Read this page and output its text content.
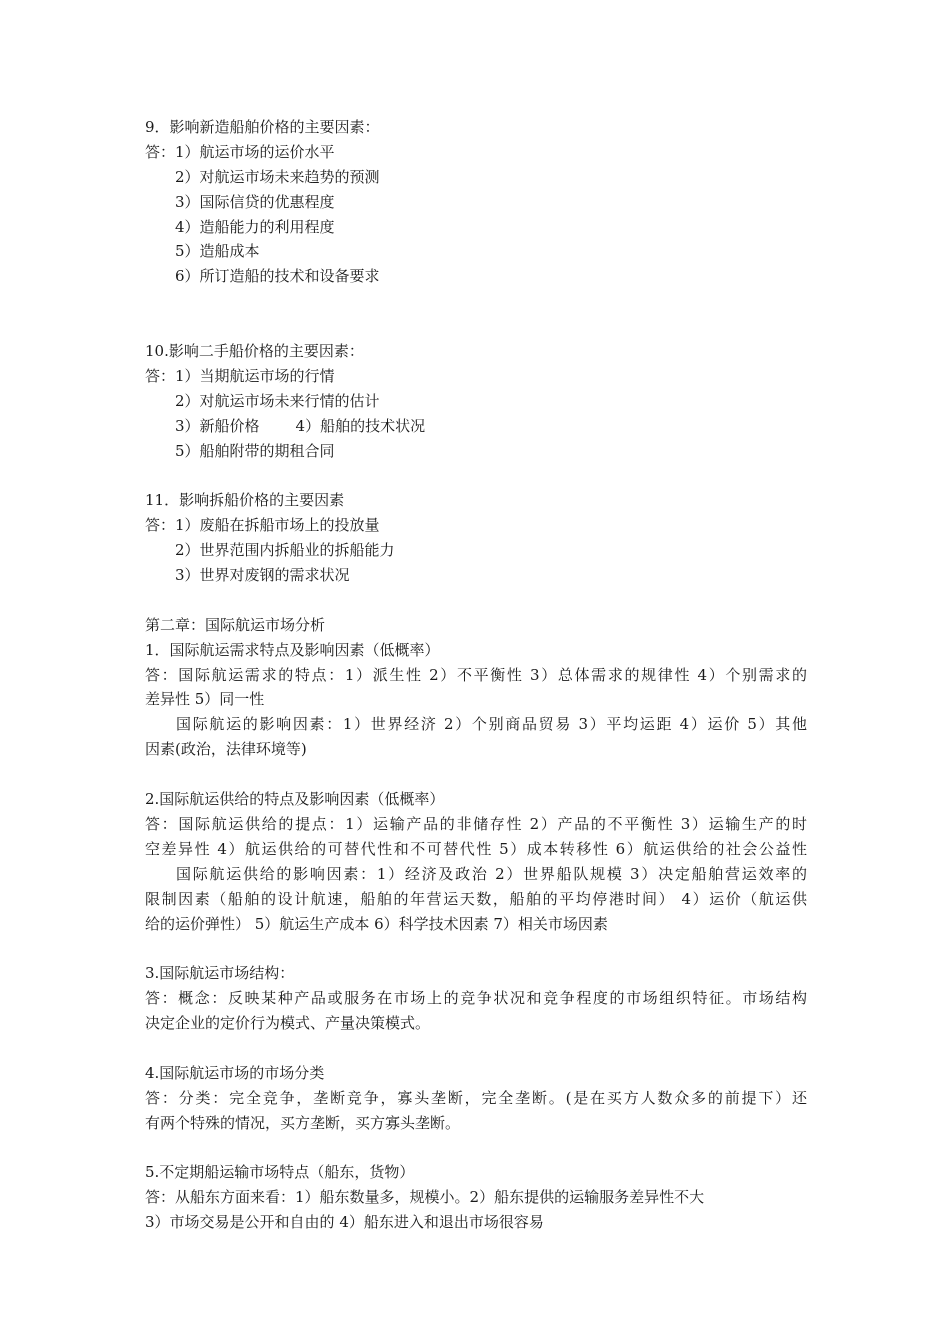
9．影响新造船舶价格的主要因素：
答：1）航运市场的运价水平
2）对航运市场未来趋势的预测
3）国际信贷的优惠程度
4）造船能力的利用程度
5）造船成本
6）所订造船的技术和设备要求
10.影响二手船价格的主要因素：
答：1）当期航运市场的行情
2）对航运市场未来行情的估计
3）新船价格 4）船舶的技术状况
5）船舶附带的期租合同
11．影响拆船价格的主要因素
答：1）废船在拆船市场上的投放量
2）世界范围内拆船业的拆船能力
3）世界对废钢的需求状况
第二章：国际航运市场分析
1．国际航运需求特点及影响因素（低概率）
答：国际航运需求的特点：1）派生性 2）不平衡性 3）总体需求的规律性 4）个别需求的
差异性 5）同一性
国际航运的影响因素：1）世界经济 2）个别商品贸易 3）平均运距 4）运价 5）其他
因素(政治，法律环境等)
2.国际航运供给的特点及影响因素（低概率）
答：国际航运供给的提点：1）运输产品的非储存性 2）产品的不平衡性 3）运输生产的时
空差异性 4）航运供给的可替代性和不可替代性 5）成本转移性 6）航运供给的社会公益性
国际航运供给的影响因素：1）经济及政治 2）世界船队规模 3）决定船舶营运效率的
限制因素（船舶的设计航速，船舶的年营运天数，船舶的平均停港时间） 4）运价（航运供
给的运价弹性） 5）航运生产成本 6）科学技术因素 7）相关市场因素
3.国际航运市场结构：
答：概念：反映某种产品或服务在市场上的竞争状况和竞争程度的市场组织特征。市场结构
决定企业的定价行为模式、产量决策模式。
4.国际航运市场的市场分类
答：分类：完全竞争，垄断竞争，寡头垄断，完全垄断。(是在买方人数众多的前提下）还
有两个特殊的情况，买方垄断，买方寡头垄断。
5.不定期船运输市场特点（船东，货物）
答：从船东方面来看：1）船东数量多，规模小。2）船东提供的运输服务差异性不大
3）市场交易是公开和自由的 4）船东进入和退出市场很容易
